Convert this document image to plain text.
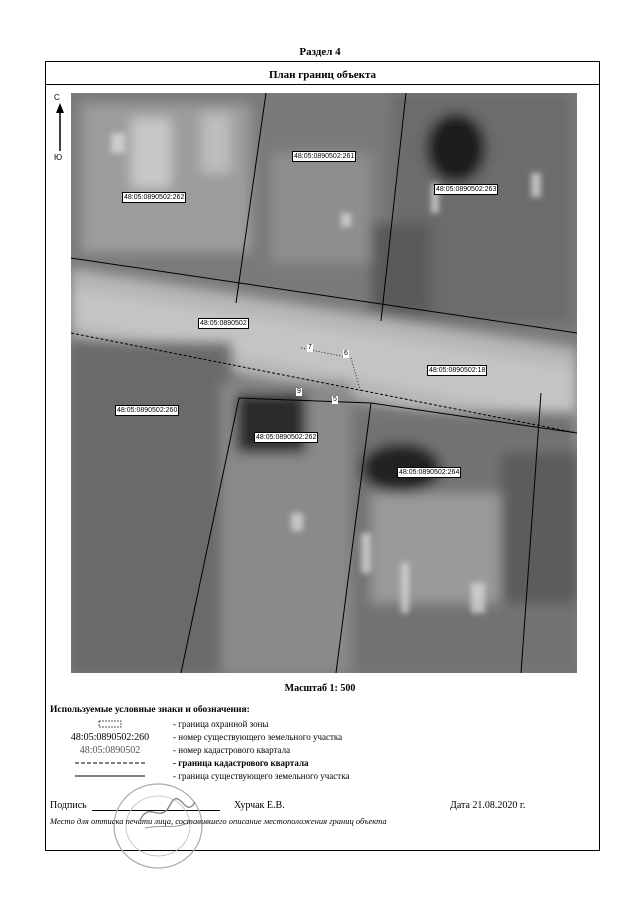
Раздел 4
План границ объекта
С
Ю	48:05:0890502:261
48:05:0890502:263
48:05:0890502:262
48:05:0890502
48:05:0890502:18
48:05:0890502:260
48:05:0890502:262
48:05:0890502:264
7
6
9
5
Масштаб 1: 500
Используемые условные знаки и обозначения:
- граница охранной зоны
48:05:0890502:260	- номер существующего земельного участка
48:05:0890502	- номер кадастрового квартала
- граница кадастрового квартала
- граница существующего земельного участка
Подпись	Хурчак Е.В.	Дата 21.08.2020 г.
Место для оттиска печати лица, составившего описание местоположения границ объекта
